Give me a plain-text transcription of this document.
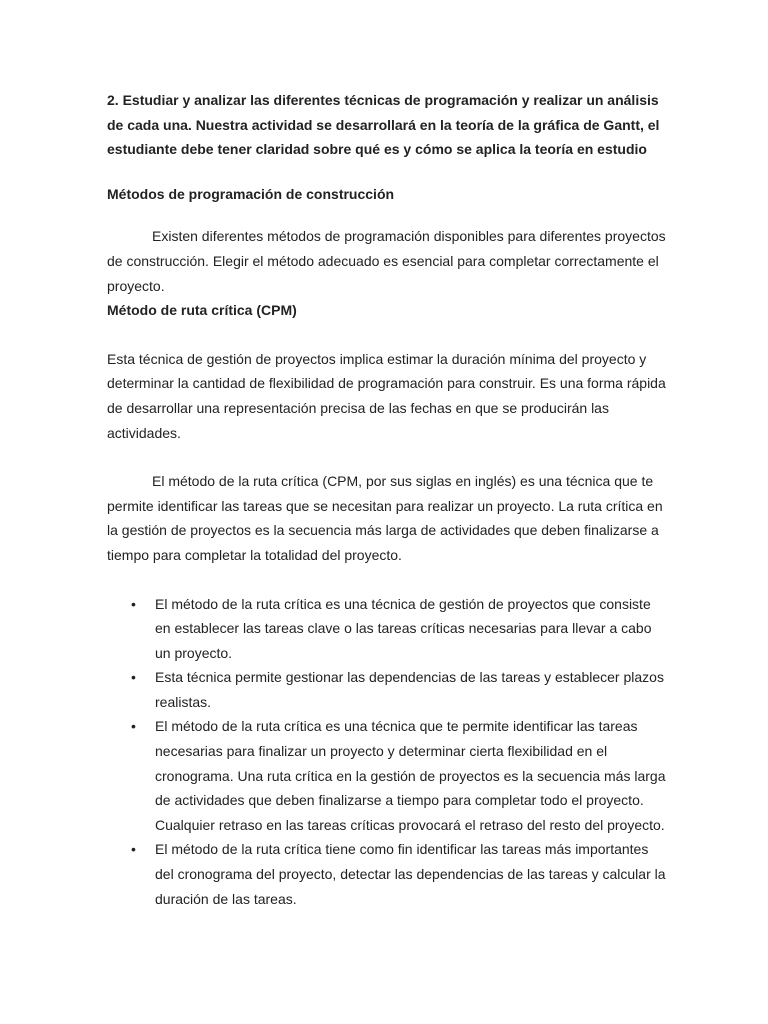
2. Estudiar y analizar las diferentes técnicas de programación y realizar un análisis de cada una. Nuestra actividad se desarrollará en la teoría de la gráfica de Gantt, el estudiante debe tener claridad sobre qué es y cómo se aplica la teoría en estudio

Métodos de programación de construcción

Existen diferentes métodos de programación disponibles para diferentes proyectos de construcción. Elegir el método adecuado es esencial para completar correctamente el proyecto.

Método de ruta crítica (CPM)

Esta técnica de gestión de proyectos implica estimar la duración mínima del proyecto y determinar la cantidad de flexibilidad de programación para construir. Es una forma rápida de desarrollar una representación precisa de las fechas en que se producirán las actividades.

El método de la ruta crítica (CPM, por sus siglas en inglés) es una técnica que te permite identificar las tareas que se necesitan para realizar un proyecto. La ruta crítica en la gestión de proyectos es la secuencia más larga de actividades que deben finalizarse a tiempo para completar la totalidad del proyecto.

• El método de la ruta crítica es una técnica de gestión de proyectos que consiste en establecer las tareas clave o las tareas críticas necesarias para llevar a cabo un proyecto.
• Esta técnica permite gestionar las dependencias de las tareas y establecer plazos realistas.
• El método de la ruta crítica es una técnica que te permite identificar las tareas necesarias para finalizar un proyecto y determinar cierta flexibilidad en el cronograma. Una ruta crítica en la gestión de proyectos es la secuencia más larga de actividades que deben finalizarse a tiempo para completar todo el proyecto. Cualquier retraso en las tareas críticas provocará el retraso del resto del proyecto.
• El método de la ruta crítica tiene como fin identificar las tareas más importantes del cronograma del proyecto, detectar las dependencias de las tareas y calcular la duración de las tareas.
